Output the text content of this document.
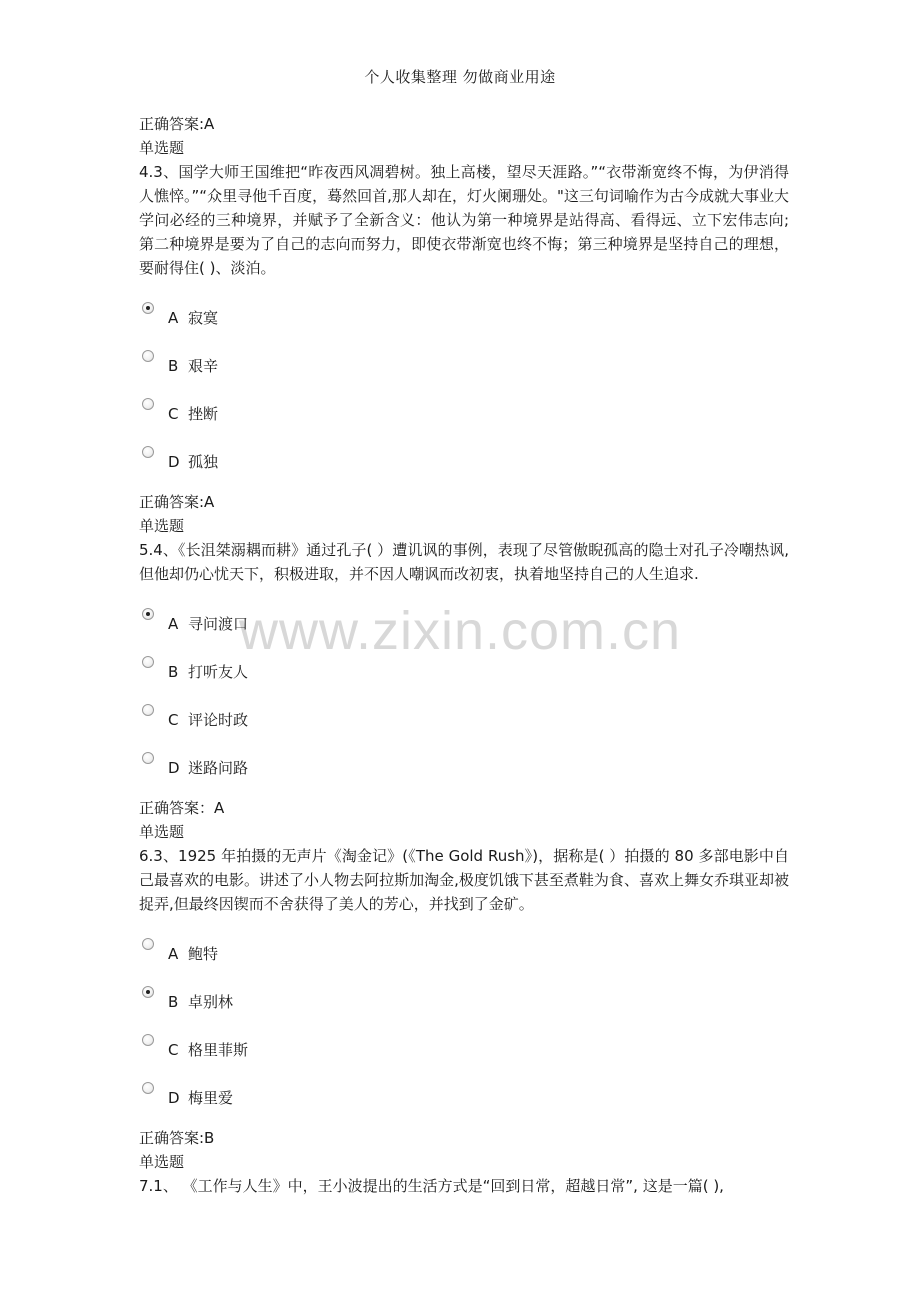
个人收集整理 勿做商业用途
www.zixin.com.cn

正确答案:A

单选题

4.3、国学大师王国维把“昨夜西风凋碧树。独上高楼，望尽天涯路。”“衣带渐宽终不悔，为伊消得人憔悴。”“众里寻他千百度，蓦然回首,那人却在，灯火阑珊处。"这三句词喻作为古今成就大事业大学问必经的三种境界，并赋予了全新含义：他认为第一种境界是站得高、看得远、立下宏伟志向;第二种境界是要为了自己的志向而努力，即使衣带渐宽也终不悔；第三种境界是坚持自己的理想，要耐得住( )、淡泊。

A 寂寞
B 艰辛
C 挫断
D 孤独

正确答案:A

单选题

5.4、《长沮桀溺耦而耕》通过孔子( ）遭讥讽的事例，表现了尽管傲睨孤高的隐士对孔子冷嘲热讽,但他却仍心忧天下，积极进取，并不因人嘲讽而改初衷，执着地坚持自己的人生追求.

A 寻问渡口
B 打听友人
C 评论时政
D 迷路问路

正确答案：A

单选题

6.3、1925 年拍摄的无声片《淘金记》(《The Gold Rush》)，据称是( ）拍摄的 80 多部电影中自己最喜欢的电影。讲述了小人物去阿拉斯加淘金,极度饥饿下甚至煮鞋为食、喜欢上舞女乔琪亚却被捉弄,但最终因锲而不舍获得了美人的芳心，并找到了金矿。

A 鲍特
B 卓别林
C 格里菲斯
D 梅里爱

正确答案:B

单选题

7.1、 《工作与人生》中，王小波提出的生活方式是“回到日常，超越日常”, 这是一篇( ),
